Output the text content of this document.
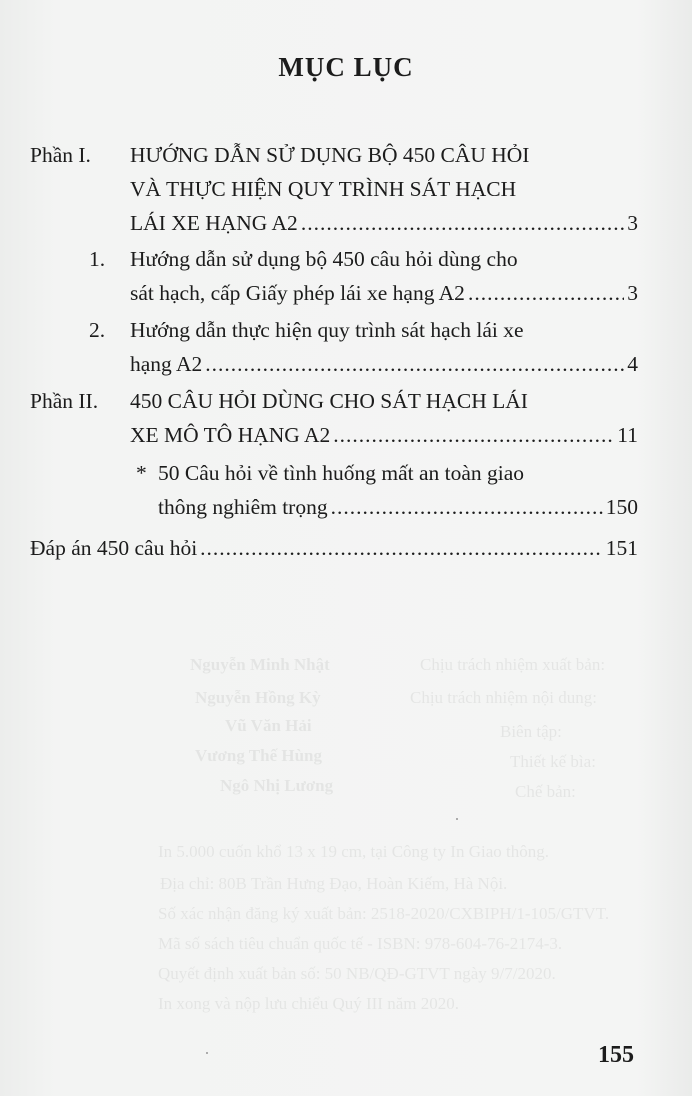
Chịu trách nhiệm xuất bản:
Nguyễn Minh Nhật
Chịu trách nhiệm nội dung:
Nguyễn Hồng Kỳ
Biên tập:
Vũ Văn Hải
Thiết kế bìa:
Vương Thế Hùng
Chế bản:
Ngô Nhị Lương
In 5.000 cuốn khổ 13 x 19 cm, tại Công ty In Giao thông.
Địa chỉ: 80B Trần Hưng Đạo, Hoàn Kiếm, Hà Nội.
Số xác nhận đăng ký xuất bản: 2518-2020/CXBIPH/1-105/GTVT.
Mã số sách tiêu chuẩn quốc tế - ISBN: 978-604-76-2174-3.
Quyết định xuất bản số: 50 NB/QĐ-GTVT ngày 9/7/2020.
In xong và nộp lưu chiểu Quý III năm 2020.
MỤC LỤC
Phần I. HƯỚNG DẪN SỬ DỤNG BỘ 450 CÂU HỎI
VÀ THỰC HIỆN QUY TRÌNH SÁT HẠCH
LÁI XE HẠNG A2 .....	3
1. Hướng dẫn sử dụng bộ 450 câu hỏi dùng cho
sát hạch, cấp Giấy phép lái xe hạng A2 .....	3
2. Hướng dẫn thực hiện quy trình sát hạch lái xe
hạng A2 .....	4
Phần II. 450 CÂU HỎI DÙNG CHO SÁT HẠCH LÁI
XE MÔ TÔ HẠNG A2 .....	11
* 50 Câu hỏi về tình huống mất an toàn giao
thông nghiêm trọng .....	150
Đáp án 450 câu hỏi .....	151
155
